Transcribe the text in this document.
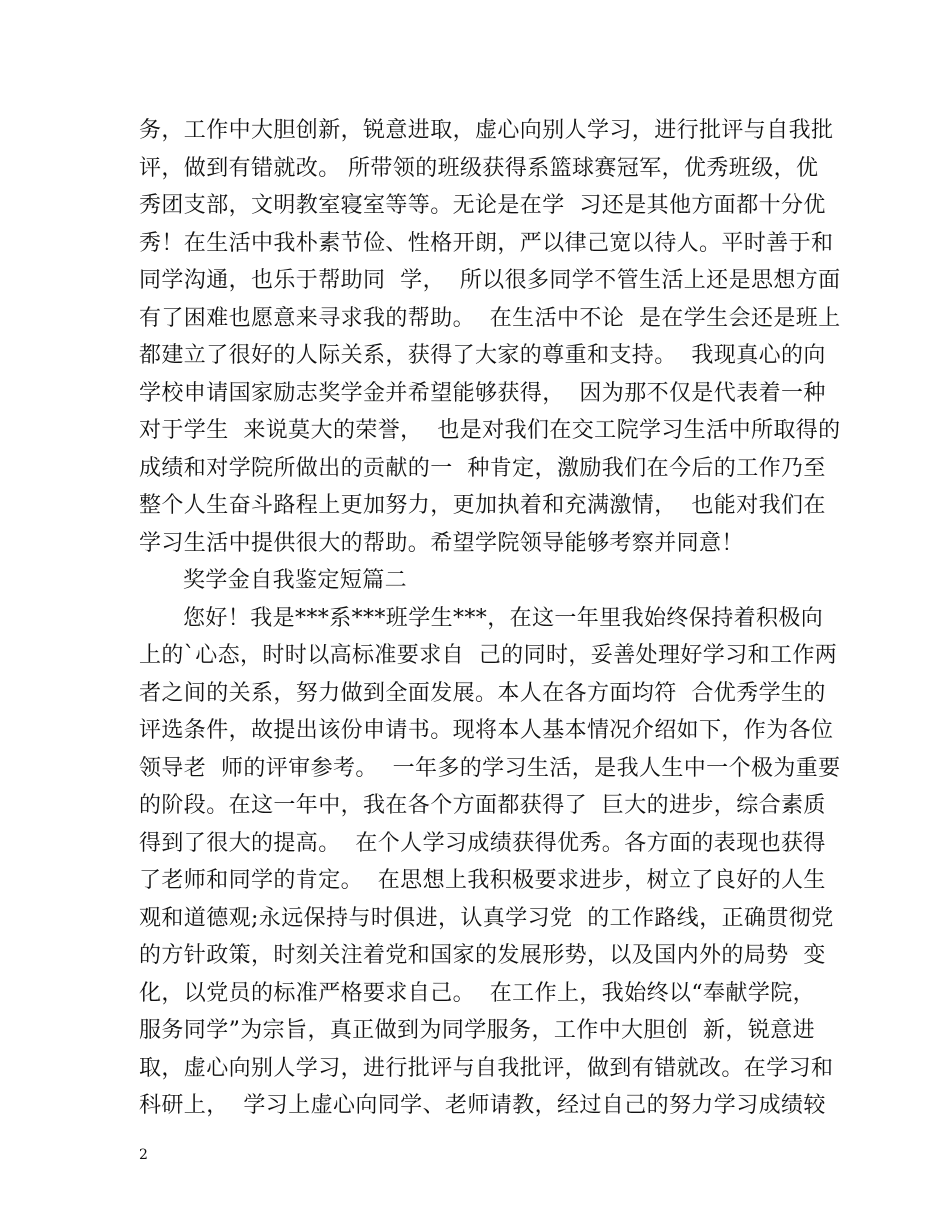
务，工作中大胆创新，锐意进取，虚心向别人学习，进行批评与自我批
评，做到有错就改。 所带领的班级获得系篮球赛冠军，优秀班级，优
秀团支部，文明教室寝室等等。无论是在学  习还是其他方面都十分优
秀！在生活中我朴素节俭、性格开朗，严以律己宽以待人。平时善于和
同学沟通，也乐于帮助同  学，  所以很多同学不管生活上还是思想方面
有了困难也愿意来寻求我的帮助。  在生活中不论  是在学生会还是班上
都建立了很好的人际关系，获得了大家的尊重和支持。  我现真心的向
学校申请国家励志奖学金并希望能够获得，  因为那不仅是代表着一种
对于学生  来说莫大的荣誉，  也是对我们在交工院学习生活中所取得的
成绩和对学院所做出的贡献的一  种肯定，激励我们在今后的工作乃至
整个人生奋斗路程上更加努力，更加执着和充满激情，  也能对我们在
学习生活中提供很大的帮助。希望学院领导能够考察并同意！
奖学金自我鉴定短篇二
您好！我是***系***班学生***，在这一年里我始终保持着积极向
上的`心态，时时以高标准要求自  己的同时，妥善处理好学习和工作两
者之间的关系，努力做到全面发展。本人在各方面均符  合优秀学生的
评选条件，故提出该份申请书。现将本人基本情况介绍如下，作为各位
领导老  师的评审参考。  一年多的学习生活，是我人生中一个极为重要
的阶段。在这一年中，我在各个方面都获得了  巨大的进步，综合素质
得到了很大的提高。  在个人学习成绩获得优秀。各方面的表现也获得
了老师和同学的肯定。  在思想上我积极要求进步，树立了良好的人生
观和道德观;永远保持与时俱进，认真学习党  的工作路线，正确贯彻党
的方针政策，时刻关注着党和国家的发展形势，以及国内外的局势  变
化，以党员的标准严格要求自己。  在工作上，我始终以“奉献学院，
服务同学”为宗旨，真正做到为同学服务，工作中大胆创  新，锐意进
取，虚心向别人学习，进行批评与自我批评，做到有错就改。在学习和
科研上，  学习上虚心向同学、老师请教，经过自己的努力学习成绩较
2
